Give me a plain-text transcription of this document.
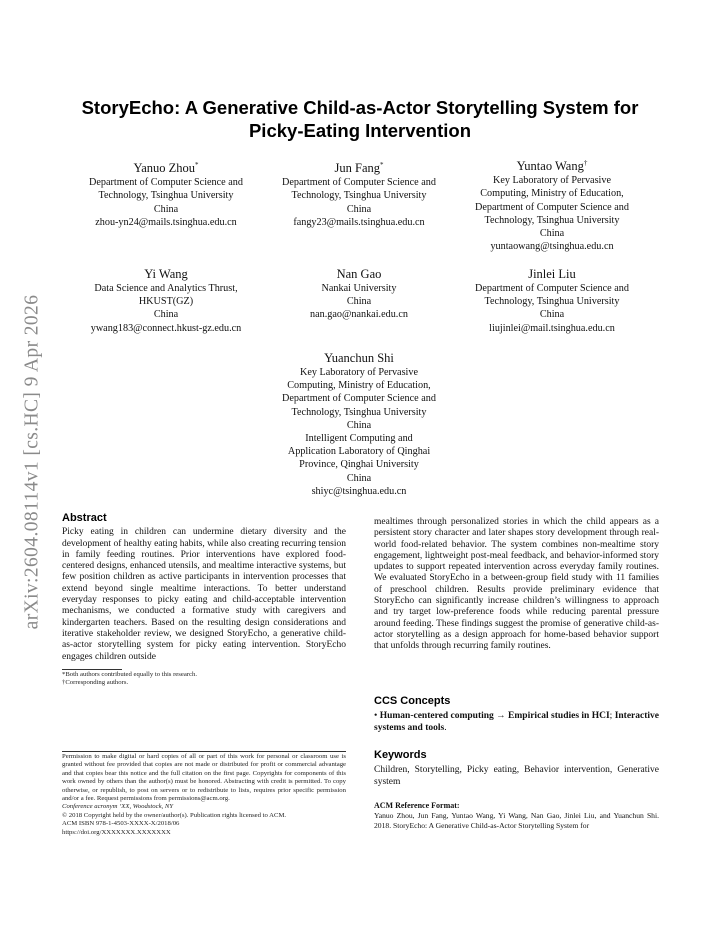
arXiv:2604.08114v1 [cs.HC] 9 Apr 2026
StoryEcho: A Generative Child-as-Actor Storytelling System for
Picky-Eating Intervention
Yanuo Zhou*
Department of Computer Science and
Technology, Tsinghua University
China
zhou-yn24@mails.tsinghua.edu.cn
Jun Fang*
Department of Computer Science and
Technology, Tsinghua University
China
fangy23@mails.tsinghua.edu.cn
Yuntao Wang†
Key Laboratory of Pervasive
Computing, Ministry of Education,
Department of Computer Science and
Technology, Tsinghua University
China
yuntaowang@tsinghua.edu.cn
Yi Wang
Data Science and Analytics Thrust,
HKUST(GZ)
China
ywang183@connect.hkust-gz.edu.cn
Nan Gao
Nankai University
China
nan.gao@nankai.edu.cn
Jinlei Liu
Department of Computer Science and
Technology, Tsinghua University
China
liujinlei@mail.tsinghua.edu.cn
Yuanchun Shi
Key Laboratory of Pervasive
Computing, Ministry of Education,
Department of Computer Science and
Technology, Tsinghua University
China
Intelligent Computing and
Application Laboratory of Qinghai
Province, Qinghai University
China
shiyc@tsinghua.edu.cn
Abstract
Picky eating in children can undermine dietary diversity and the development of healthy eating habits, while also creating recurring tension in family feeding routines. Prior interventions have explored food-centered designs, enhanced utensils, and mealtime interactive systems, but few position children as active participants in intervention processes that extend beyond single mealtime interactions. To better understand everyday responses to picky eating and child-acceptable intervention mechanisms, we conducted a formative study with caregivers and kindergarten teachers. Based on the resulting design considerations and iterative stakeholder review, we designed StoryEcho, a generative child-as-actor storytelling system for picky eating intervention. StoryEcho engages children outside
*Both authors contributed equally to this research.
†Corresponding authors.
Permission to make digital or hard copies of all or part of this work for personal or classroom use is granted without fee provided that copies are not made or distributed for profit or commercial advantage and that copies bear this notice and the full citation on the first page. Copyrights for components of this work owned by others than the author(s) must be honored. Abstracting with credit is permitted. To copy otherwise, or republish, to post on servers or to redistribute to lists, requires prior specific permission and/or a fee. Request permissions from permissions@acm.org.
Conference acronym ’XX, Woodstock, NY
© 2018 Copyright held by the owner/author(s). Publication rights licensed to ACM.
ACM ISBN 978-1-4503-XXXX-X/2018/06
https://doi.org/XXXXXXX.XXXXXXX
mealtimes through personalized stories in which the child appears as a persistent story character and later shapes story development through real-world food-related behavior. The system combines non-mealtime story engagement, lightweight post-meal feedback, and behavior-informed story updates to support repeated intervention across everyday family routines. We evaluated StoryEcho in a between-group field study with 11 families of preschool children. Results provide preliminary evidence that StoryEcho can significantly increase children’s willingness to approach and try target low-preference foods while reducing parental pressure around feeding. These findings suggest the promise of generative child-as-actor storytelling as a design approach for home-based behavior support that unfolds through recurring family routines.
CCS Concepts
• Human-centered computing → Empirical studies in HCI; Interactive systems and tools.
Keywords
Children, Storytelling, Picky eating, Behavior intervention, Generative system
ACM Reference Format:
Yanuo Zhou, Jun Fang, Yuntao Wang, Yi Wang, Nan Gao, Jinlei Liu, and Yuanchun Shi. 2018. StoryEcho: A Generative Child-as-Actor Storytelling System for
